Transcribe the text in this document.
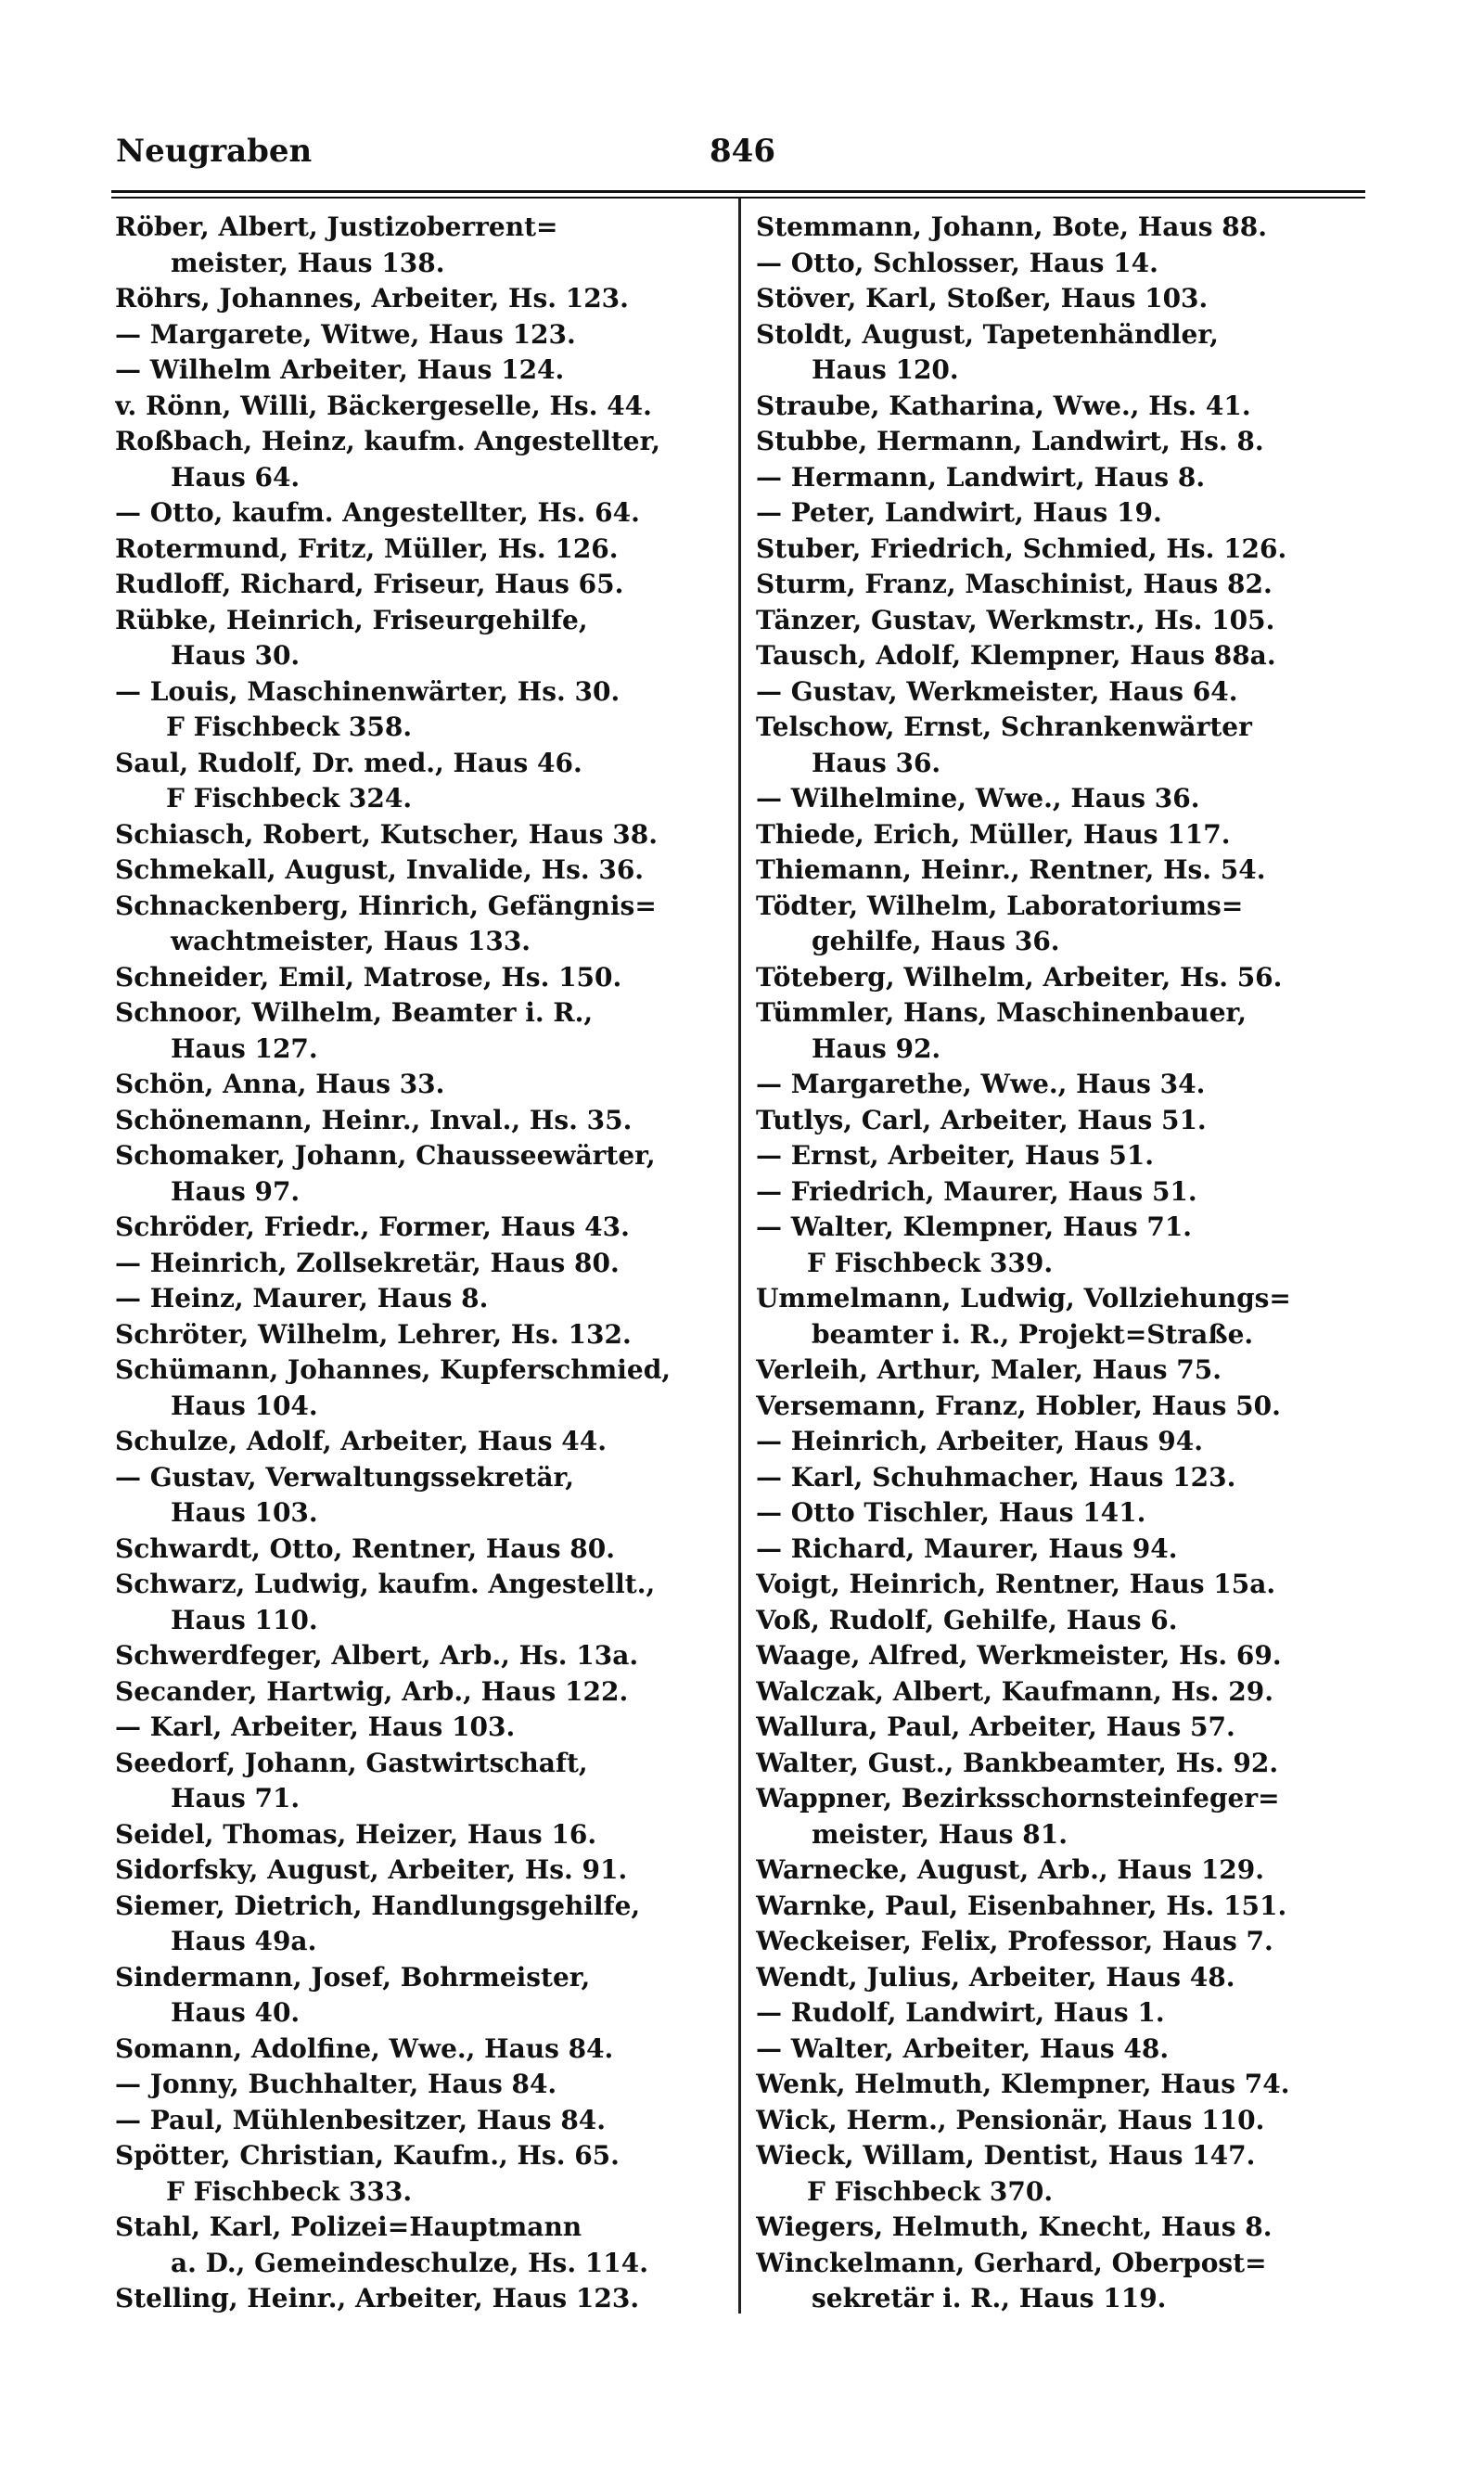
Neugraben	846
Röber, Albert, Justizoberrent=
meister, Haus 138.
Röhrs, Johannes, Arbeiter, Hs. 123.
— Margarete, Witwe, Haus 123.
— Wilhelm Arbeiter, Haus 124.
v. Rönn, Willi, Bäckergeselle, Hs. 44.
Roßbach, Heinz, kaufm. Angestellter,
Haus 64.
— Otto, kaufm. Angestellter, Hs. 64.
Rotermund, Fritz, Müller, Hs. 126.
Rudloff, Richard, Friseur, Haus 65.
Rübke, Heinrich, Friseurgehilfe,
Haus 30.
— Louis, Maschinenwärter, Hs. 30.
F Fischbeck 358.
Saul, Rudolf, Dr. med., Haus 46.
F Fischbeck 324.
Schiasch, Robert, Kutscher, Haus 38.
Schmekall, August, Invalide, Hs. 36.
Schnackenberg, Hinrich, Gefängnis=
wachtmeister, Haus 133.
Schneider, Emil, Matrose, Hs. 150.
Schnoor, Wilhelm, Beamter i. R.,
Haus 127.
Schön, Anna, Haus 33.
Schönemann, Heinr., Inval., Hs. 35.
Schomaker, Johann, Chausseewärter,
Haus 97.
Schröder, Friedr., Former, Haus 43.
— Heinrich, Zollsekretär, Haus 80.
— Heinz, Maurer, Haus 8.
Schröter, Wilhelm, Lehrer, Hs. 132.
Schümann, Johannes, Kupferschmied,
Haus 104.
Schulze, Adolf, Arbeiter, Haus 44.
— Gustav, Verwaltungssekretär,
Haus 103.
Schwardt, Otto, Rentner, Haus 80.
Schwarz, Ludwig, kaufm. Angestellt.,
Haus 110.
Schwerdfeger, Albert, Arb., Hs. 13a.
Secander, Hartwig, Arb., Haus 122.
— Karl, Arbeiter, Haus 103.
Seedorf, Johann, Gastwirtschaft,
Haus 71.
Seidel, Thomas, Heizer, Haus 16.
Sidorfsky, August, Arbeiter, Hs. 91.
Siemer, Dietrich, Handlungsgehilfe,
Haus 49a.
Sindermann, Josef, Bohrmeister,
Haus 40.
Somann, Adolfine, Wwe., Haus 84.
— Jonny, Buchhalter, Haus 84.
— Paul, Mühlenbesitzer, Haus 84.
Spötter, Christian, Kaufm., Hs. 65.
F Fischbeck 333.
Stahl, Karl, Polizei=Hauptmann
a. D., Gemeindeschulze, Hs. 114.
Stelling, Heinr., Arbeiter, Haus 123.
Stemmann, Johann, Bote, Haus 88.
— Otto, Schlosser, Haus 14.
Stöver, Karl, Stoßer, Haus 103.
Stoldt, August, Tapetenhändler,
Haus 120.
Straube, Katharina, Wwe., Hs. 41.
Stubbe, Hermann, Landwirt, Hs. 8.
— Hermann, Landwirt, Haus 8.
— Peter, Landwirt, Haus 19.
Stuber, Friedrich, Schmied, Hs. 126.
Sturm, Franz, Maschinist, Haus 82.
Tänzer, Gustav, Werkmstr., Hs. 105.
Tausch, Adolf, Klempner, Haus 88a.
— Gustav, Werkmeister, Haus 64.
Telschow, Ernst, Schrankenwärter
Haus 36.
— Wilhelmine, Wwe., Haus 36.
Thiede, Erich, Müller, Haus 117.
Thiemann, Heinr., Rentner, Hs. 54.
Tödter, Wilhelm, Laboratoriums=
gehilfe, Haus 36.
Töteberg, Wilhelm, Arbeiter, Hs. 56.
Tümmler, Hans, Maschinenbauer,
Haus 92.
— Margarethe, Wwe., Haus 34.
Tutlys, Carl, Arbeiter, Haus 51.
— Ernst, Arbeiter, Haus 51.
— Friedrich, Maurer, Haus 51.
— Walter, Klempner, Haus 71.
F Fischbeck 339.
Ummelmann, Ludwig, Vollziehungs=
beamter i. R., Projekt=Straße.
Verleih, Arthur, Maler, Haus 75.
Versemann, Franz, Hobler, Haus 50.
— Heinrich, Arbeiter, Haus 94.
— Karl, Schuhmacher, Haus 123.
— Otto Tischler, Haus 141.
— Richard, Maurer, Haus 94.
Voigt, Heinrich, Rentner, Haus 15a.
Voß, Rudolf, Gehilfe, Haus 6.
Waage, Alfred, Werkmeister, Hs. 69.
Walczak, Albert, Kaufmann, Hs. 29.
Wallura, Paul, Arbeiter, Haus 57.
Walter, Gust., Bankbeamter, Hs. 92.
Wappner, Bezirksschornsteinfeger=
meister, Haus 81.
Warnecke, August, Arb., Haus 129.
Warnke, Paul, Eisenbahner, Hs. 151.
Weckeiser, Felix, Professor, Haus 7.
Wendt, Julius, Arbeiter, Haus 48.
— Rudolf, Landwirt, Haus 1.
— Walter, Arbeiter, Haus 48.
Wenk, Helmuth, Klempner, Haus 74.
Wick, Herm., Pensionär, Haus 110.
Wieck, Willam, Dentist, Haus 147.
F Fischbeck 370.
Wiegers, Helmuth, Knecht, Haus 8.
Winckelmann, Gerhard, Oberpost=
sekretär i. R., Haus 119.
